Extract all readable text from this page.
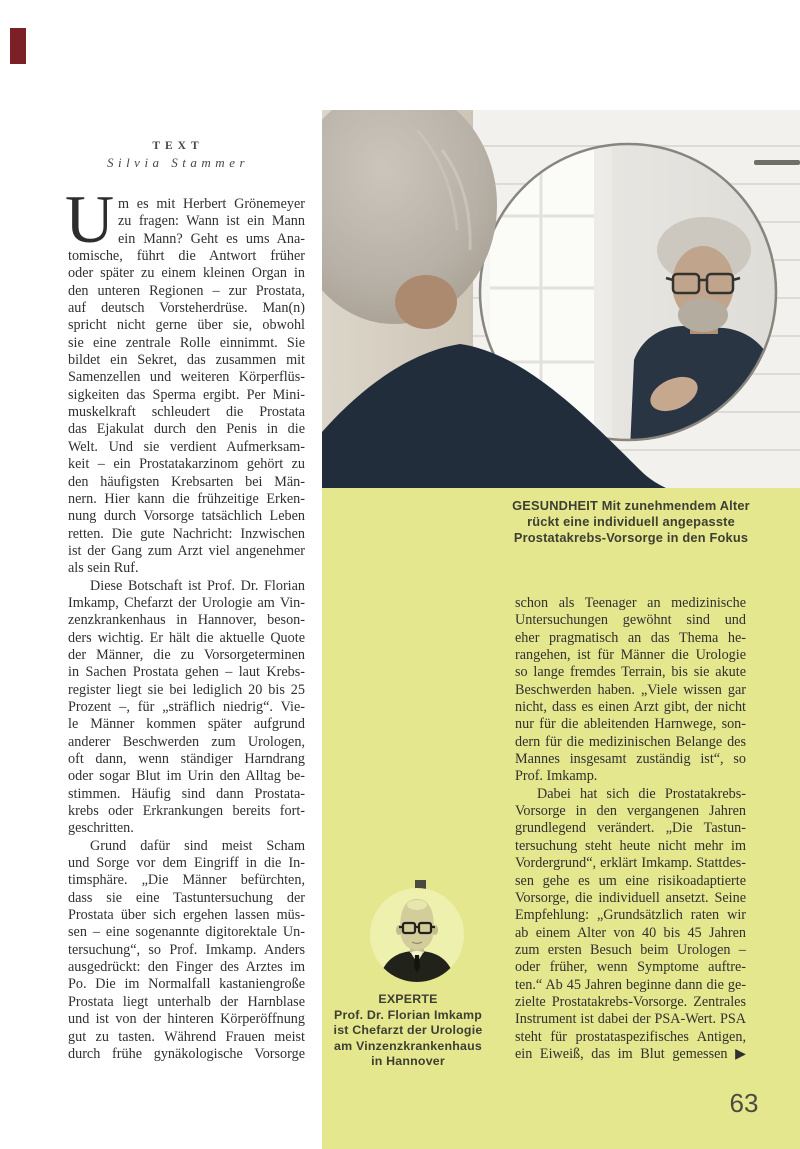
TEXT
Silvia Stammer
U m es mit Herbert Grönemeyer
zu fragen: Wann ist ein Mann
ein Mann? Geht es ums Ana-
tomische, führt die Antwort früher
oder später zu einem kleinen Organ in
den unteren Regionen – zur Prostata,
auf deutsch Vorsteherdrüse. Man(n)
spricht nicht gerne über sie, obwohl
sie eine zentrale Rolle einnimmt. Sie
bildet ein Sekret, das zusammen mit
Samenzellen und weiteren Körperflüs-
sigkeiten das Sperma ergibt. Per Mini-
muskelkraft schleudert die Prostata
das Ejakulat durch den Penis in die
Welt. Und sie verdient Aufmerksam-
keit – ein Prostatakarzinom gehört zu
den häufigsten Krebsarten bei Män-
nern. Hier kann die frühzeitige Erken-
nung durch Vorsorge tatsächlich Leben
retten. Die gute Nachricht: Inzwischen
ist der Gang zum Arzt viel angenehmer
als sein Ruf.
Diese Botschaft ist Prof. Dr. Florian
Imkamp, Chefarzt der Urologie am Vin-
zenzkrankenhaus in Hannover, beson-
ders wichtig. Er hält die aktuelle Quote
der Männer, die zu Vorsorgeterminen
in Sachen Prostata gehen – laut Krebs-
register liegt sie bei lediglich 20 bis 25
Prozent –, für „sträflich niedrig“. Vie-
le Männer kommen später aufgrund
anderer Beschwerden zum Urologen,
oft dann, wenn ständiger Harndrang
oder sogar Blut im Urin den Alltag be-
stimmen. Häufig sind dann Prostata-
krebs oder Erkrankungen bereits fort-
geschritten.
Grund dafür sind meist Scham
und Sorge vor dem Eingriff in die In-
timsphäre. „Die Männer befürchten,
dass sie eine Tastuntersuchung der
Prostata über sich ergehen lassen müs-
sen – eine sogenannte digitorektale Un-
tersuchung“, so Prof. Imkamp. Anders
ausgedrückt: den Finger des Arztes im
Po. Die im Normalfall kastaniengroße
Prostata liegt unterhalb der Harnblase
und ist von der hinteren Körperöffnung
gut zu tasten. Während Frauen meist
durch frühe gynäkologische Vorsorge
GESUNDHEIT Mit zunehmendem Alter
rückt eine individuell angepasste
Prostatakrebs-Vorsorge in den Fokus
schon als Teenager an medizinische
Untersuchungen gewöhnt sind und
eher pragmatisch an das Thema he-
rangehen, ist für Männer die Urologie
so lange fremdes Terrain, bis sie akute
Beschwerden haben. „Viele wissen gar
nicht, dass es einen Arzt gibt, der nicht
nur für die ableitenden Harnwege, son-
dern für die medizinischen Belange des
Mannes insgesamt zuständig ist“, so
Prof. Imkamp.
Dabei hat sich die Prostatakrebs-
Vorsorge in den vergangenen Jahren
grundlegend verändert. „Die Tastun-
tersuchung steht heute nicht mehr im
Vordergrund“, erklärt Imkamp. Stattdes-
sen gehe es um eine risikoadaptierte
Vorsorge, die individuell ansetzt. Seine
Empfehlung: „Grundsätzlich raten wir
ab einem Alter von 40 bis 45 Jahren
zum ersten Besuch beim Urologen –
oder früher, wenn Symptome auftre-
ten.“ Ab 45 Jahren beginne dann die ge-
zielte Prostatakrebs-Vorsorge. Zentrales
Instrument ist dabei der PSA-Wert. PSA
steht für prostataspezifisches Antigen,
ein Eiweiß, das im Blut gemessen ▶
EXPERTE
Prof. Dr. Florian Imkamp
ist Chefarzt der Urologie
am Vinzenzkrankenhaus
in Hannover
63
